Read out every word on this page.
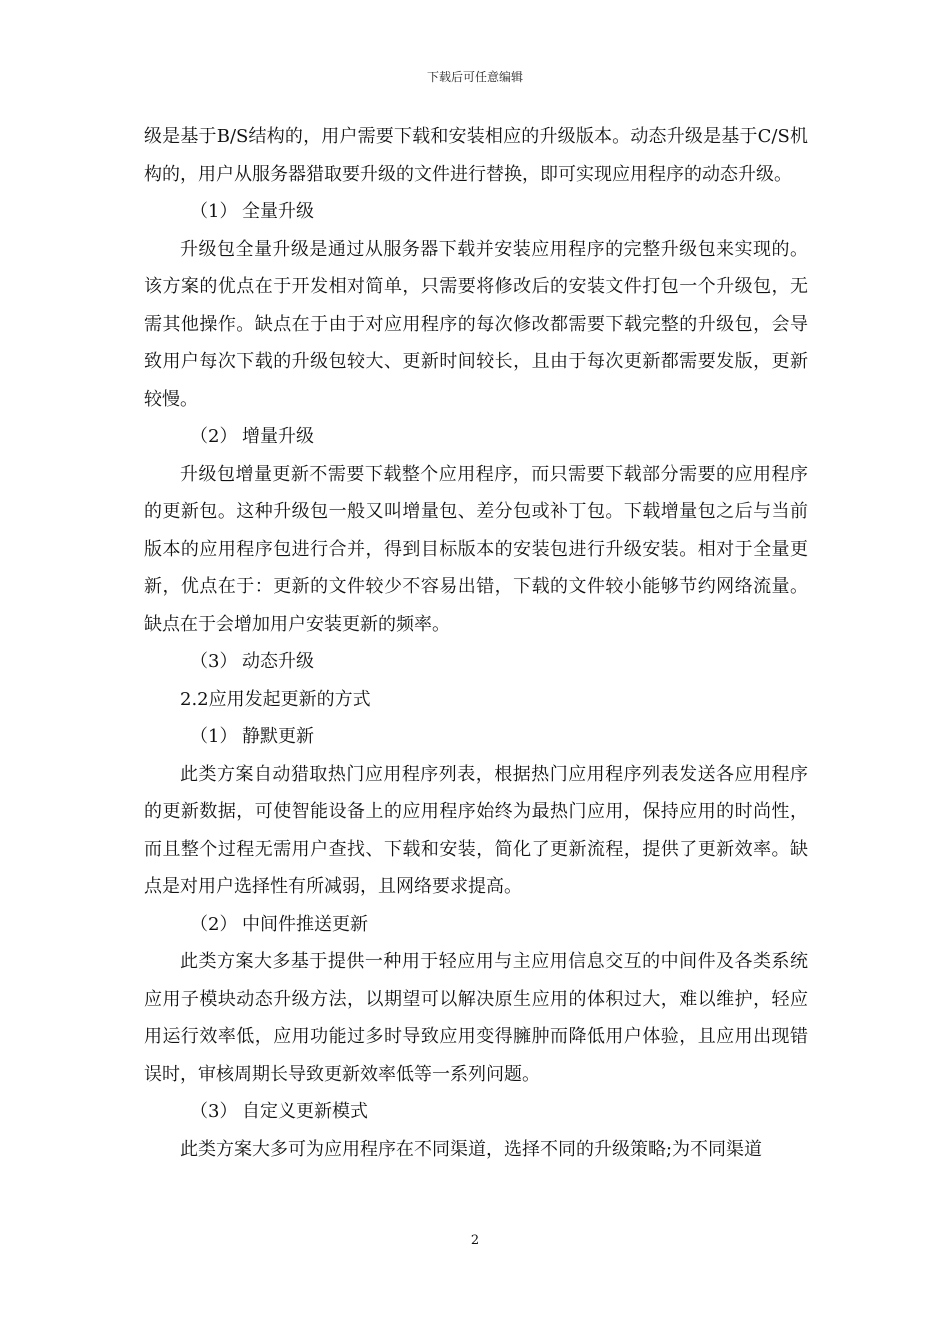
下载后可任意编辑

级是基于B/S结构的，用户需要下载和安装相应的升级版本。动态升级是基于C/S机构的，用户从服务器猎取要升级的文件进行替换，即可实现应用程序的动态升级。

（1） 全量升级

升级包全量升级是通过从服务器下载并安装应用程序的完整升级包来实现的。该方案的优点在于开发相对简单，只需要将修改后的安装文件打包一个升级包，无需其他操作。缺点在于由于对应用程序的每次修改都需要下载完整的升级包，会导致用户每次下载的升级包较大、更新时间较长，且由于每次更新都需要发版，更新较慢。

（2） 增量升级

升级包增量更新不需要下载整个应用程序，而只需要下载部分需要的应用程序的更新包。这种升级包一般又叫增量包、差分包或补丁包。下载增量包之后与当前版本的应用程序包进行合并，得到目标版本的安装包进行升级安装。相对于全量更新，优点在于：更新的文件较少不容易出错，下载的文件较小能够节约网络流量。缺点在于会增加用户安装更新的频率。

（3） 动态升级

2.2应用发起更新的方式

（1） 静默更新

此类方案自动猎取热门应用程序列表，根据热门应用程序列表发送各应用程序的更新数据，可使智能设备上的应用程序始终为最热门应用，保持应用的时尚性，而且整个过程无需用户查找、下载和安装，简化了更新流程，提供了更新效率。缺点是对用户选择性有所减弱，且网络要求提高。

（2） 中间件推送更新

此类方案大多基于提供一种用于轻应用与主应用信息交互的中间件及各类系统应用子模块动态升级方法，以期望可以解决原生应用的体积过大，难以维护，轻应用运行效率低，应用功能过多时导致应用变得臃肿而降低用户体验，且应用出现错误时，审核周期长导致更新效率低等一系列问题。

（3） 自定义更新模式

此类方案大多可为应用程序在不同渠道，选择不同的升级策略;为不同渠道

2
